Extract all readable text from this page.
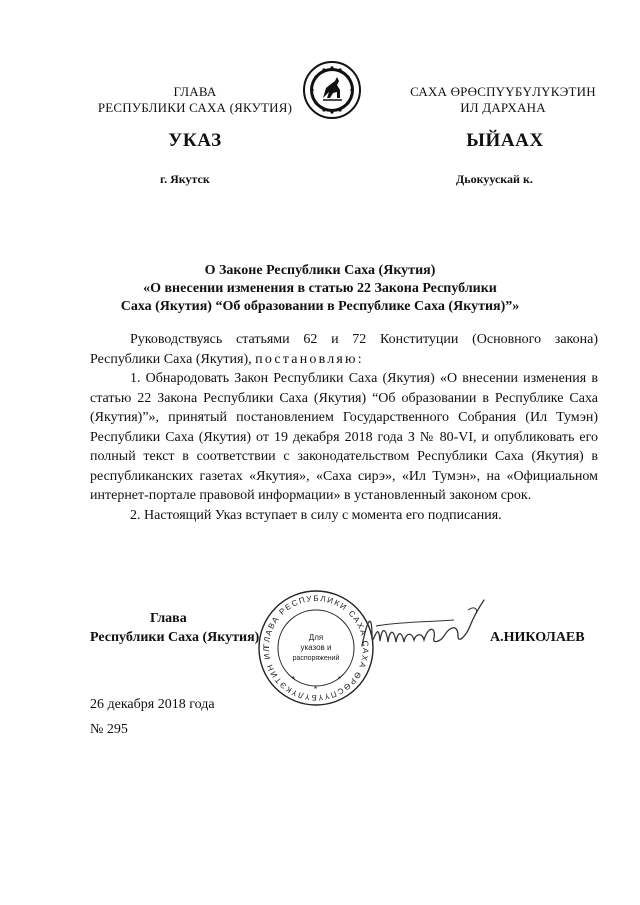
ГЛАВА
РЕСПУБЛИКИ САХА (ЯКУТИЯ)
САХА ӨРӨСПҮҮБҮЛҮКЭТИН
ИЛ ДАРХАНА
УКАЗ	ЫЙААХ
г. Якутск	Дьокуускай к.
О Законе Республики Саха (Якутия)
«О внесении изменения в статью 22 Закона Республики
Саха (Якутия) “Об образовании в Республике Саха (Якутия)”»

Руководствуясь статьями 62 и 72 Конституции (Основного закона) Республики Саха (Якутия), постановляю:

1. Обнародовать Закон Республики Саха (Якутия) «О внесении изменения в статью 22 Закона Республики Саха (Якутия) “Об образовании в Республике Саха (Якутия)”», принятый постановлением Государственного Собрания (Ил Тумэн) Республики Саха (Якутия) от 19 декабря 2018 года З № 80-VI, и опубликовать его полный текст в соответствии с законодательством Республики Саха (Якутия) в республиканских газетах «Якутия», «Саха сирэ», «Ил Тумэн», на «Официальном интернет-портале правовой информации» в установленный законом срок.

2. Настоящий Указ вступает в силу с момента его подписания.

Глава
Республики Саха (Якутия)
ГЛАВА РЕСПУБЛИКИ САХА САХА ӨРӨСПҮҮБҮЛҮКЭТИН ИЛ
Для
указов и
распоряжений
*	*
*
А.НИКОЛАЕВ
26 декабря 2018 года
№ 295
